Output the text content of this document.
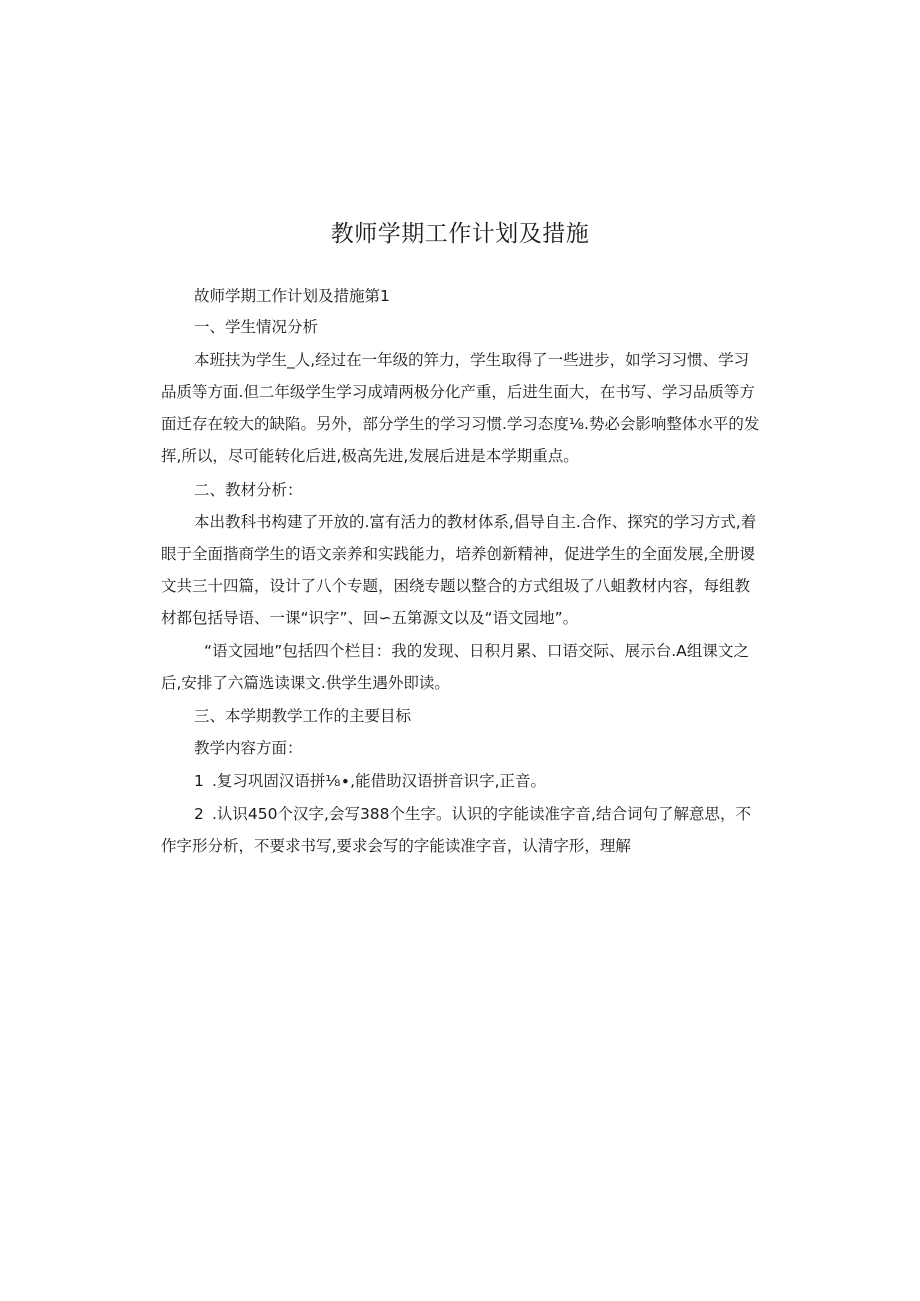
教师学期工作计划及措施
故师学期工作计划及措施第1
一、学生情况分析
本班扶为学生_人,经过在一年级的笄力，学生取得了一些进步，如学习习惯、学习
品质等方面.但二年级学生学习成靖两极分化产重，后进生面大，在书写、学习品质等方
面迁存在较大的缺陷。另外，部分学生的学习习惯.学习态度⅛.势必会影响整体水平的发
挥,所以，尽可能转化后进,极高先进,发展后进是本学期重点。
二、教材分析：
本出教科书构建了开放的.富有活力的教材体系,倡导自主.合作、探究的学习方式,着
眼于全面揩商学生的语文亲养和实践能力，培养创新精神，促进学生的全面发展,全册谡
文共三十四篇，设计了八个专题，困绕专题以整合的方式组圾了八蛆教材内容，每组教
材都包括导语、一课“识字”、回∽五第源文以及“语文园地”。
“语文园地”包括四个栏目：我的发现、日积月累、口语交际、展示台.A组课文之
后,安排了六篇选读课文.供学生遇外即读。
三、本学期教学工作的主要目标
教学内容方面：
1 .复习巩固汉语拼⅛∙,能借助汉语拼音识字,正音。
2 .认识450个汉字,会写388个生字。认识的字能读准字音,结合词句了解意思，不
作字形分析，不要求书写,要求会写的字能读准字音，认清字形，理解
